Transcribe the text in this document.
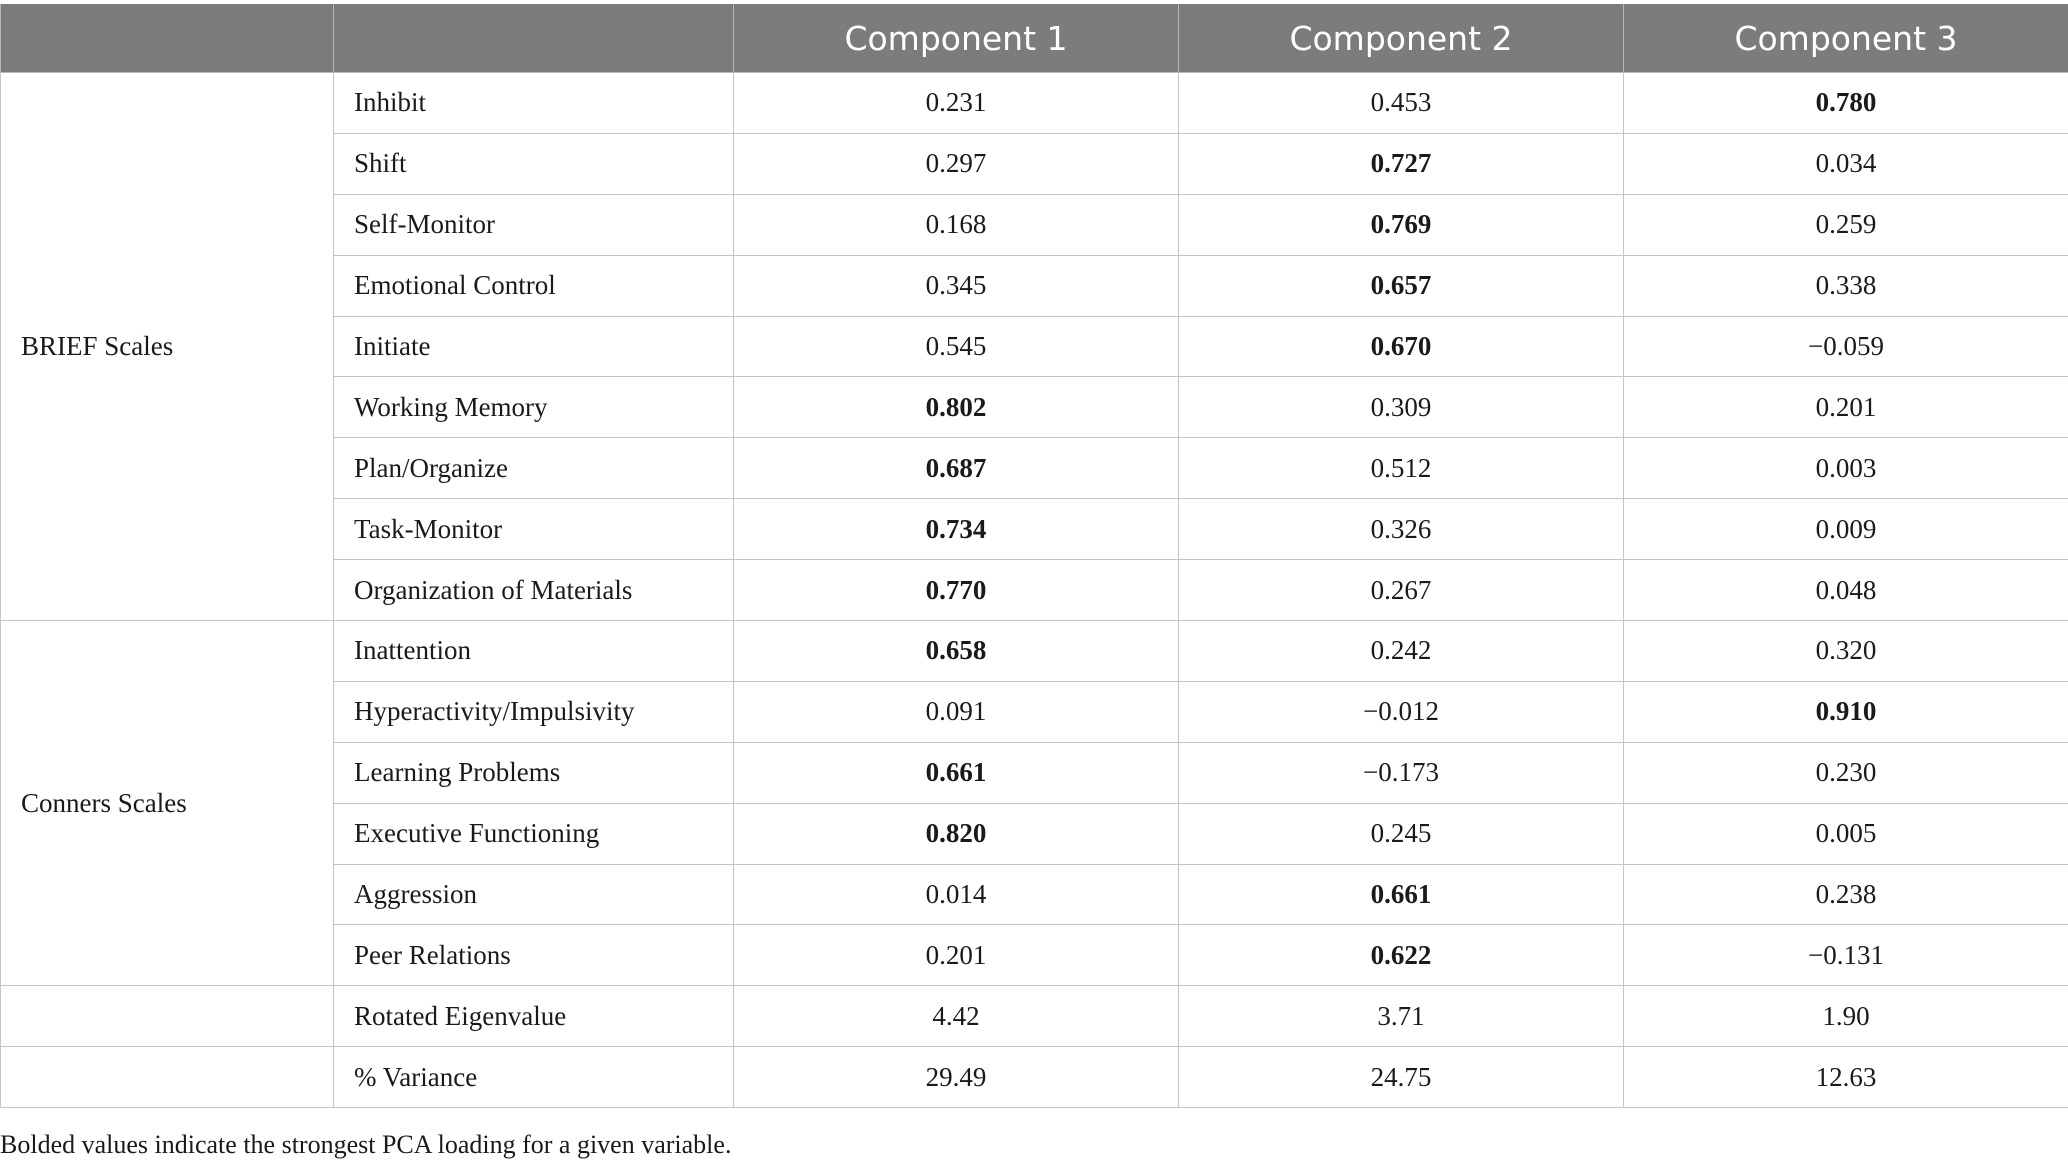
		Component 1	Component 2	Component 3
BRIEF Scales	Inhibit	0.231	0.453	0.780
	Shift	0.297	0.727	0.034
	Self-Monitor	0.168	0.769	0.259
	Emotional Control	0.345	0.657	0.338
	Initiate	0.545	0.670	−0.059
	Working Memory	0.802	0.309	0.201
	Plan/Organize	0.687	0.512	0.003
	Task-Monitor	0.734	0.326	0.009
	Organization of Materials	0.770	0.267	0.048
Conners Scales	Inattention	0.658	0.242	0.320
	Hyperactivity/Impulsivity	0.091	−0.012	0.910
	Learning Problems	0.661	−0.173	0.230
	Executive Functioning	0.820	0.245	0.005
	Aggression	0.014	0.661	0.238
	Peer Relations	0.201	0.622	−0.131
	Rotated Eigenvalue	4.42	3.71	1.90
	% Variance	29.49	24.75	12.63

Bolded values indicate the strongest PCA loading for a given variable.
